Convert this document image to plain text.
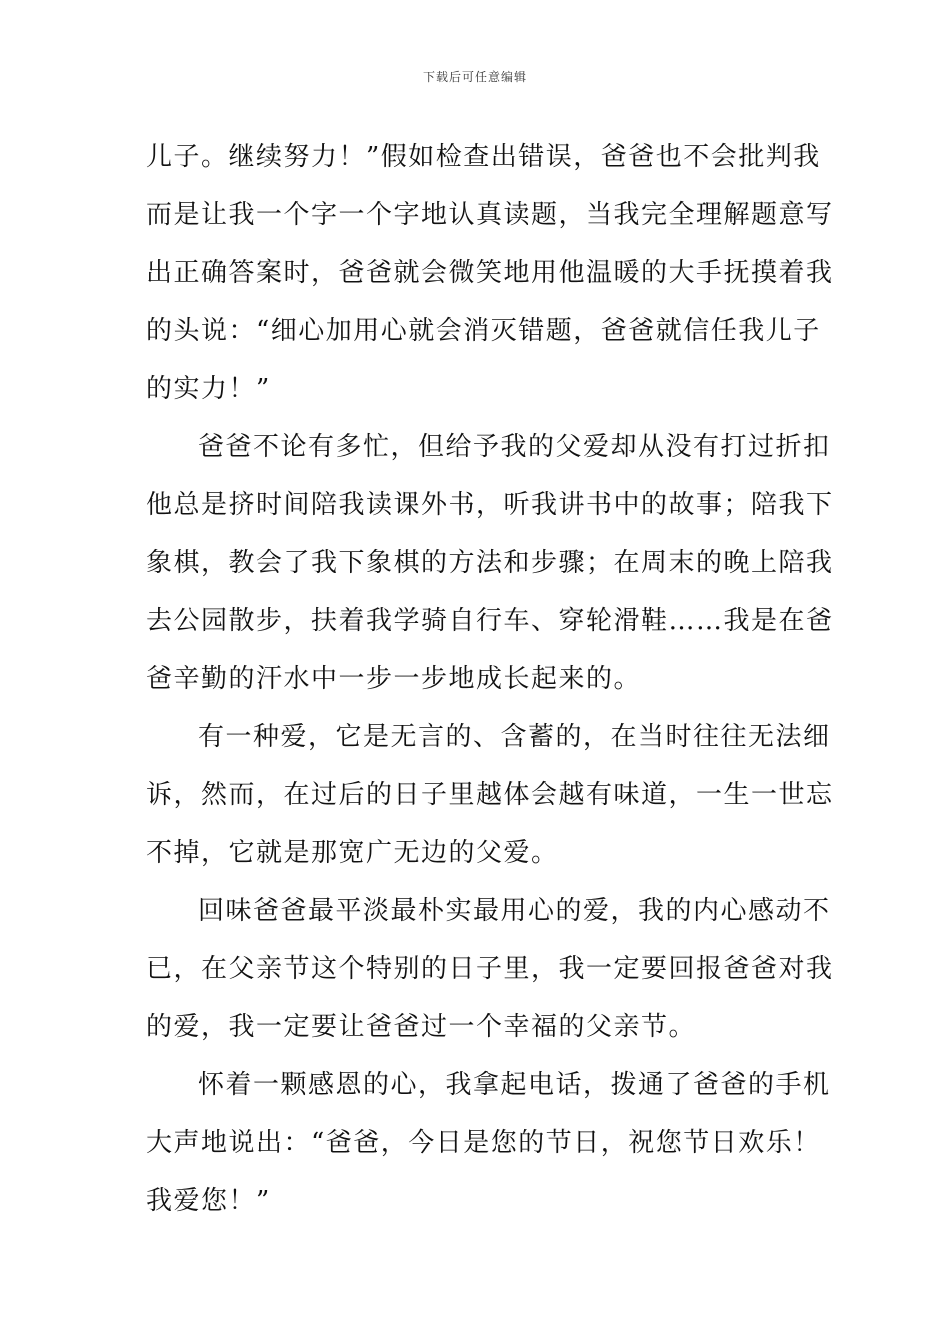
下载后可任意编辑
儿子。继续努力！”假如检查出错误，爸爸也不会批判我
而是让我一个字一个字地认真读题，当我完全理解题意写
出正确答案时，爸爸就会微笑地用他温暖的大手抚摸着我
的头说：“细心加用心就会消灭错题，爸爸就信任我儿子
的实力！”
爸爸不论有多忙，但给予我的父爱却从没有打过折扣
他总是挤时间陪我读课外书，听我讲书中的故事；陪我下
象棋，教会了我下象棋的方法和步骤；在周末的晚上陪我
去公园散步，扶着我学骑自行车、穿轮滑鞋……我是在爸
爸辛勤的汗水中一步一步地成长起来的。
有一种爱，它是无言的、含蓄的，在当时往往无法细
诉，然而，在过后的日子里越体会越有味道，一生一世忘
不掉，它就是那宽广无边的父爱。
回味爸爸最平淡最朴实最用心的爱，我的内心感动不
已，在父亲节这个特别的日子里，我一定要回报爸爸对我
的爱，我一定要让爸爸过一个幸福的父亲节。
怀着一颗感恩的心，我拿起电话，拨通了爸爸的手机
大声地说出：“爸爸，今日是您的节日，祝您节日欢乐！
我爱您！”
